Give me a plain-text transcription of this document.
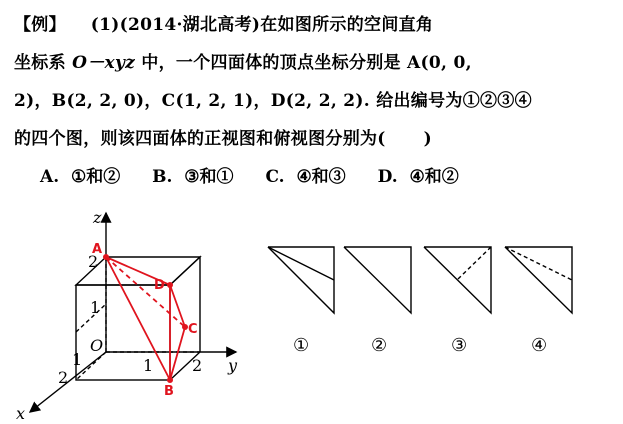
【例】 (1)(2014·湖北高考)在如图所示的空间直角
坐标系 O－xyz 中，一个四面体的顶点坐标分别是 A(0, 0,
2)，B(2, 2, 0)，C(1, 2, 1)，D(2, 2, 2). 给出编号为①②③④
的四个图，则该四面体的正视图和俯视图分别为( )
A. ①和② B. ③和① C. ④和③ D. ④和②
z
y
x
O
2
1
1 2
1
2
A
D
C
B
①	②	③	④
